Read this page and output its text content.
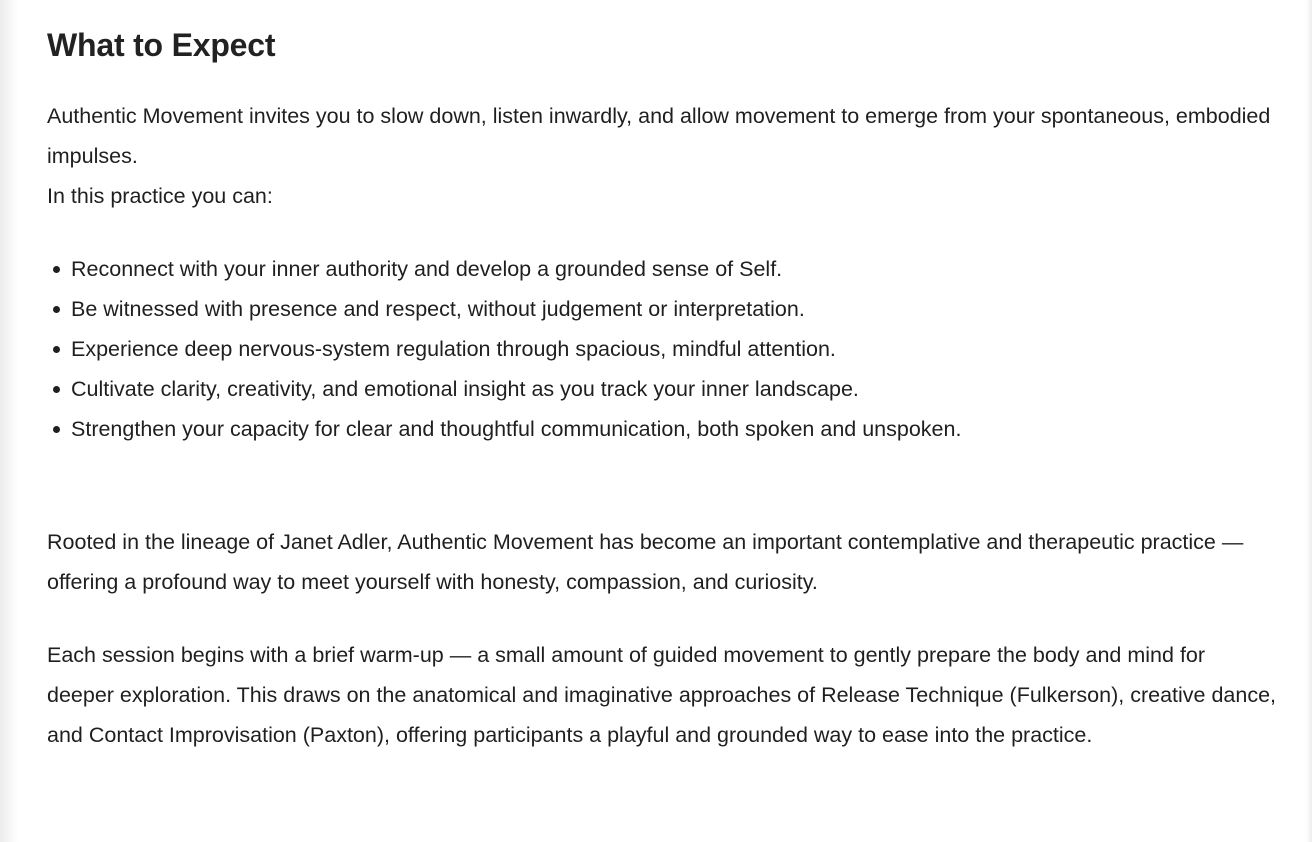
What to Expect

Authentic Movement invites you to slow down, listen inwardly, and allow movement to emerge from your spontaneous, embodied impulses.
In this practice you can:

Reconnect with your inner authority and develop a grounded sense of Self.
Be witnessed with presence and respect, without judgement or interpretation.
Experience deep nervous-system regulation through spacious, mindful attention.
Cultivate clarity, creativity, and emotional insight as you track your inner landscape.
Strengthen your capacity for clear and thoughtful communication, both spoken and unspoken.

Rooted in the lineage of Janet Adler, Authentic Movement has become an important contemplative and therapeutic practice — offering a profound way to meet yourself with honesty, compassion, and curiosity.

Each session begins with a brief warm-up — a small amount of guided movement to gently prepare the body and mind for deeper exploration. This draws on the anatomical and imaginative approaches of Release Technique (Fulkerson), creative dance, and Contact Improvisation (Paxton), offering participants a playful and grounded way to ease into the practice.
